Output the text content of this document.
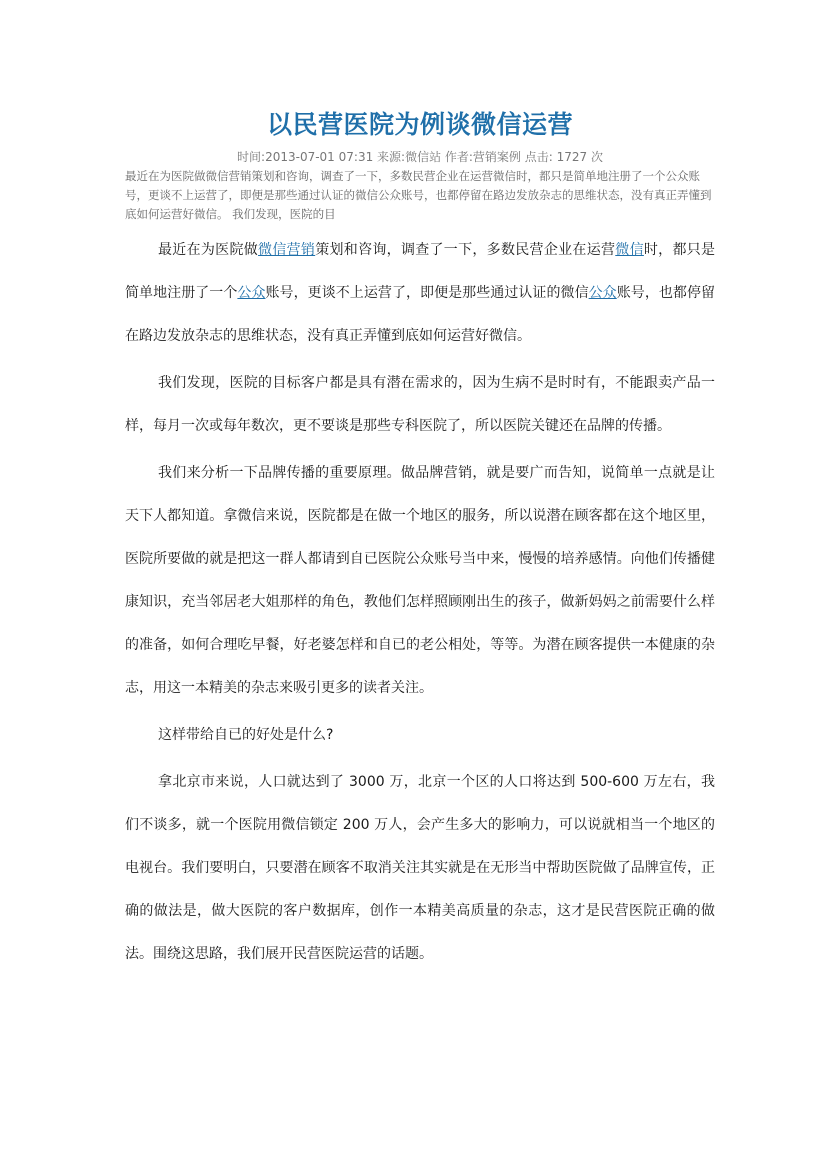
以民营医院为例谈微信运营
时间:2013-07-01 07:31 来源:微信站 作者:营销案例 点击: 1727 次
最近在为医院做微信营销策划和咨询，调查了一下，多数民营企业在运营微信时，都只是简单地注册了一个公众账号，更谈不上运营了，即便是那些通过认证的微信公众账号，也都停留在路边发放杂志的思维状态，没有真正弄懂到底如何运营好微信。 我们发现，医院的目

最近在为医院做微信营销策划和咨询，调查了一下，多数民营企业在运营微信时，都只是简单地注册了一个公众账号，更谈不上运营了，即便是那些通过认证的微信公众账号，也都停留在路边发放杂志的思维状态，没有真正弄懂到底如何运营好微信。

我们发现，医院的目标客户都是具有潜在需求的，因为生病不是时时有，不能跟卖产品一样，每月一次或每年数次，更不要谈是那些专科医院了，所以医院关键还在品牌的传播。

我们来分析一下品牌传播的重要原理。做品牌营销，就是要广而告知，说简单一点就是让天下人都知道。拿微信来说，医院都是在做一个地区的服务，所以说潜在顾客都在这个地区里，医院所要做的就是把这一群人都请到自已医院公众账号当中来，慢慢的培养感情。向他们传播健康知识，充当邻居老大姐那样的角色，教他们怎样照顾刚出生的孩子，做新妈妈之前需要什么样的准备，如何合理吃早餐，好老婆怎样和自已的老公相处，等等。为潜在顾客提供一本健康的杂志，用这一本精美的杂志来吸引更多的读者关注。

这样带给自已的好处是什么?

拿北京市来说，人口就达到了 3000 万，北京一个区的人口将达到 500-600 万左右，我们不谈多，就一个医院用微信锁定 200 万人，会产生多大的影响力，可以说就相当一个地区的电视台。我们要明白，只要潜在顾客不取消关注其实就是在无形当中帮助医院做了品牌宣传，正确的做法是，做大医院的客户数据库，创作一本精美高质量的杂志，这才是民营医院正确的做法。围绕这思路，我们展开民营医院运营的话题。
